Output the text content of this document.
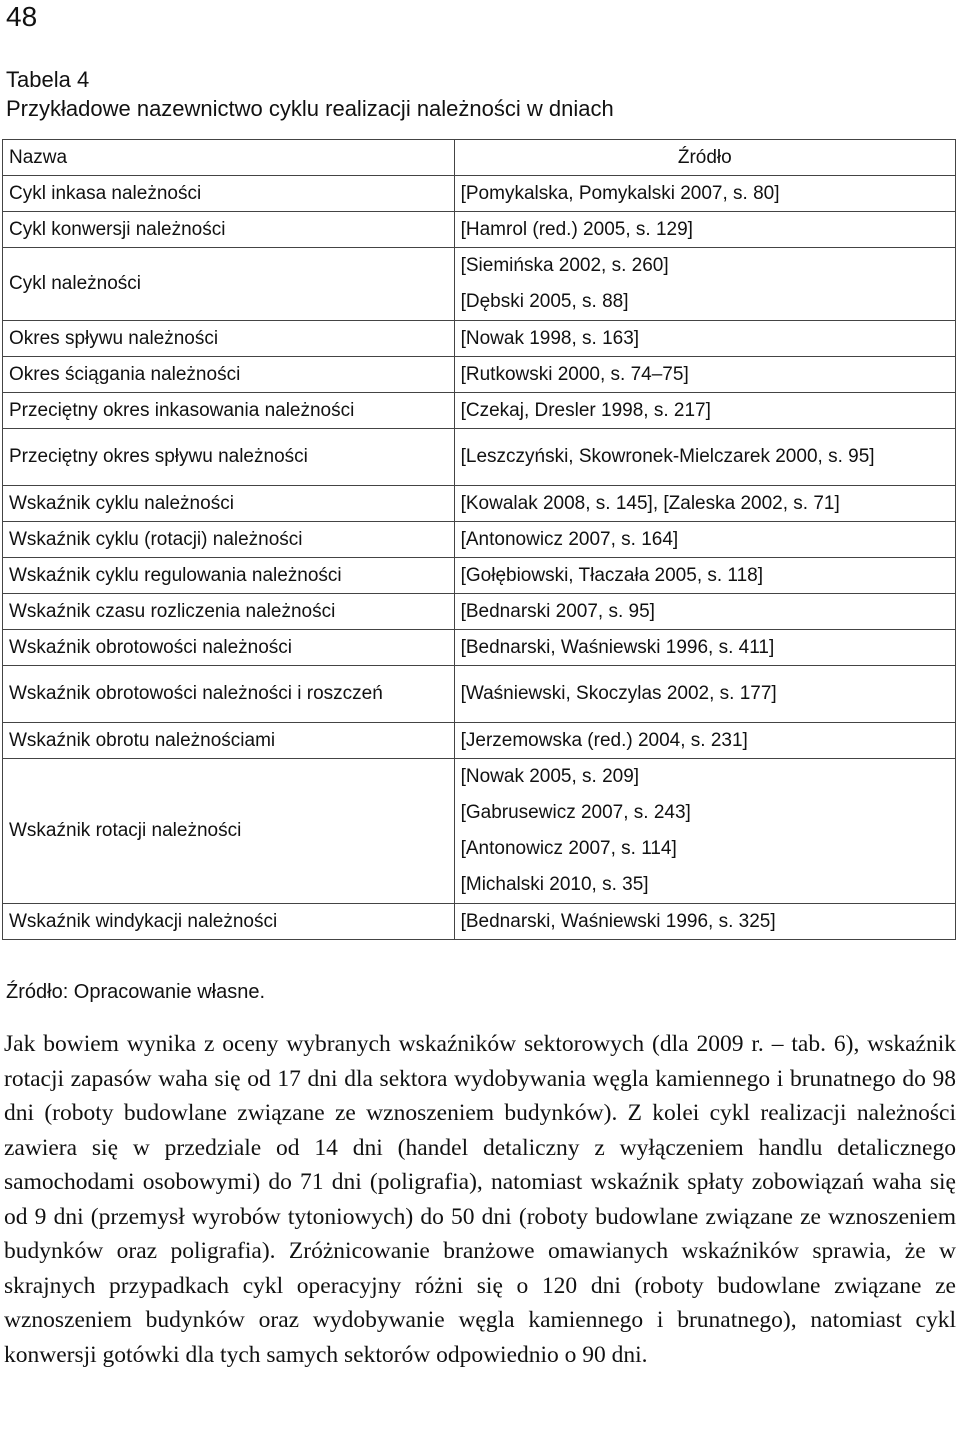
48
Tabela 4
Przykładowe nazewnictwo cyklu realizacji należności w dniach
Nazwa	Źródło
Cykl inkasa należności	[Pomykalska, Pomykalski 2007, s. 80]
Cykl konwersji należności	[Hamrol (red.) 2005, s. 129]
Cykl należności	[Siemińska 2002, s. 260]
[Dębski 2005, s. 88]

Okres spływu należności	[Nowak 1998, s. 163]
Okres ściągania należności	[Rutkowski 2000, s. 74–75]
Przeciętny okres inkasowania należności	[Czekaj, Dresler 1998, s. 217]
Przeciętny okres spływu należności	[Leszczyński, Skowronek-Mielczarek 2000, s. 95]
Wskaźnik cyklu należności	[Kowalak 2008, s. 145], [Zaleska 2002, s. 71]
Wskaźnik cyklu (rotacji) należności	[Antonowicz 2007, s. 164]
Wskaźnik cyklu regulowania należności	[Gołębiowski, Tłaczała 2005, s. 118]
Wskaźnik czasu rozliczenia należności	[Bednarski 2007, s. 95]
Wskaźnik obrotowości należności	[Bednarski, Waśniewski 1996, s. 411]
Wskaźnik obrotowości należności i roszczeń	[Waśniewski, Skoczylas 2002, s. 177]
Wskaźnik obrotu należnościami	[Jerzemowska (red.) 2004, s. 231]
Wskaźnik rotacji należności	[Nowak 2005, s. 209]
[Gabrusewicz 2007, s. 243]
[Antonowicz 2007, s. 114]
[Michalski 2010, s. 35]

Wskaźnik windykacji należności	[Bednarski, Waśniewski 1996, s. 325]
Źródło: Opracowanie własne.

Jak bowiem wynika z oceny wybranych wskaźników sektorowych (dla 2009 r. – tab. 6), wskaźnik rotacji zapasów waha się od 17 dni dla sektora wydobywania węgla kamiennego i brunatnego do 98 dni (roboty budowlane związane ze wznoszeniem budynków). Z kolei cykl realizacji należności zawiera się w przedziale od 14 dni (handel detaliczny z wyłączeniem handlu detalicznego samochodami osobowymi) do 71 dni (poligrafia), natomiast wskaźnik spłaty zobowiązań waha się od 9 dni (przemysł wyrobów tytoniowych) do 50 dni (roboty budowlane związane ze wznoszeniem budynków oraz poligrafia). Zróżnicowanie branżowe omawianych wskaźników sprawia, że w skrajnych przypadkach cykl operacyjny różni się o 120 dni (roboty budowlane związane ze wznoszeniem budynków oraz wydobywanie węgla kamiennego i brunatnego), natomiast cykl konwersji gotówki dla tych samych sektorów odpowiednio o 90 dni.
